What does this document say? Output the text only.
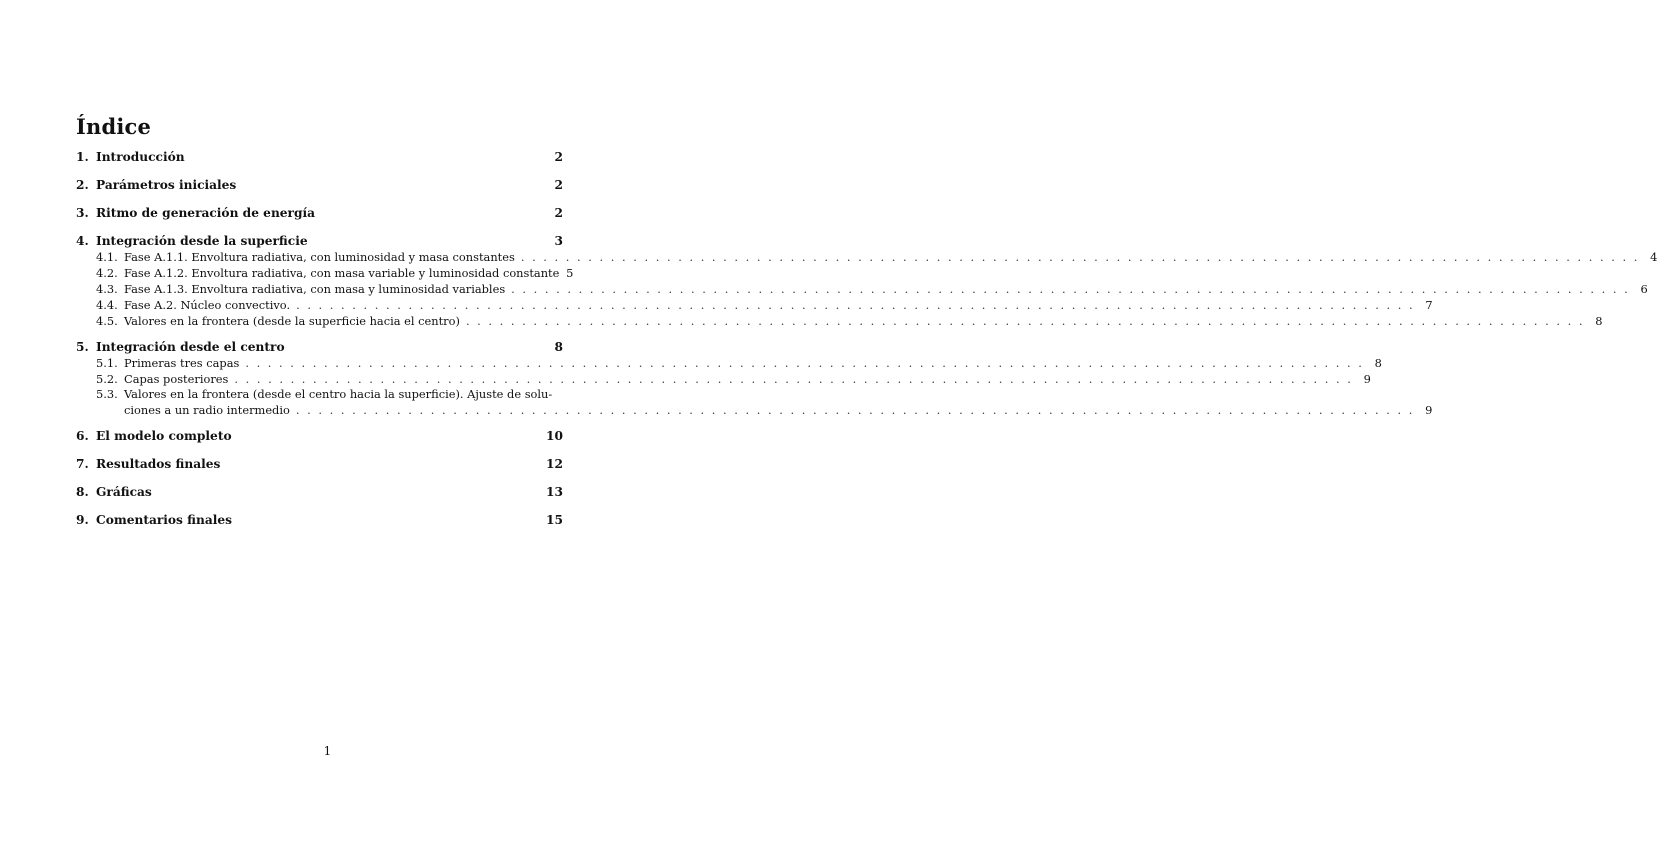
Índice
1. Introducción	2
2. Parámetros iniciales	2
3. Ritmo de generación de energía	2
4. Integración desde la superficie	3
4.1. Fase A.1.1. Envoltura radiativa, con luminosidad y masa constantes . . .	4
4.2. Fase A.1.2. Envoltura radiativa, con masa variable y luminosidad constante 5
4.3. Fase A.1.3. Envoltura radiativa, con masa y luminosidad variables . . .	6
4.4. Fase A.2. Núcleo convectivo. . . .	7
4.5. Valores en la frontera (desde la superficie hacia el centro) . . .	8
5. Integración desde el centro	8
5.1. Primeras tres capas . . .	8
5.2. Capas posteriores . . .	9
5.3. Valores en la frontera (desde el centro hacia la superficie). Ajuste de solu-
ciones a un radio intermedio . . .	9
6. El modelo completo	10
7. Resultados finales	12
8. Gráficas	13
9. Comentarios finales	15
1
